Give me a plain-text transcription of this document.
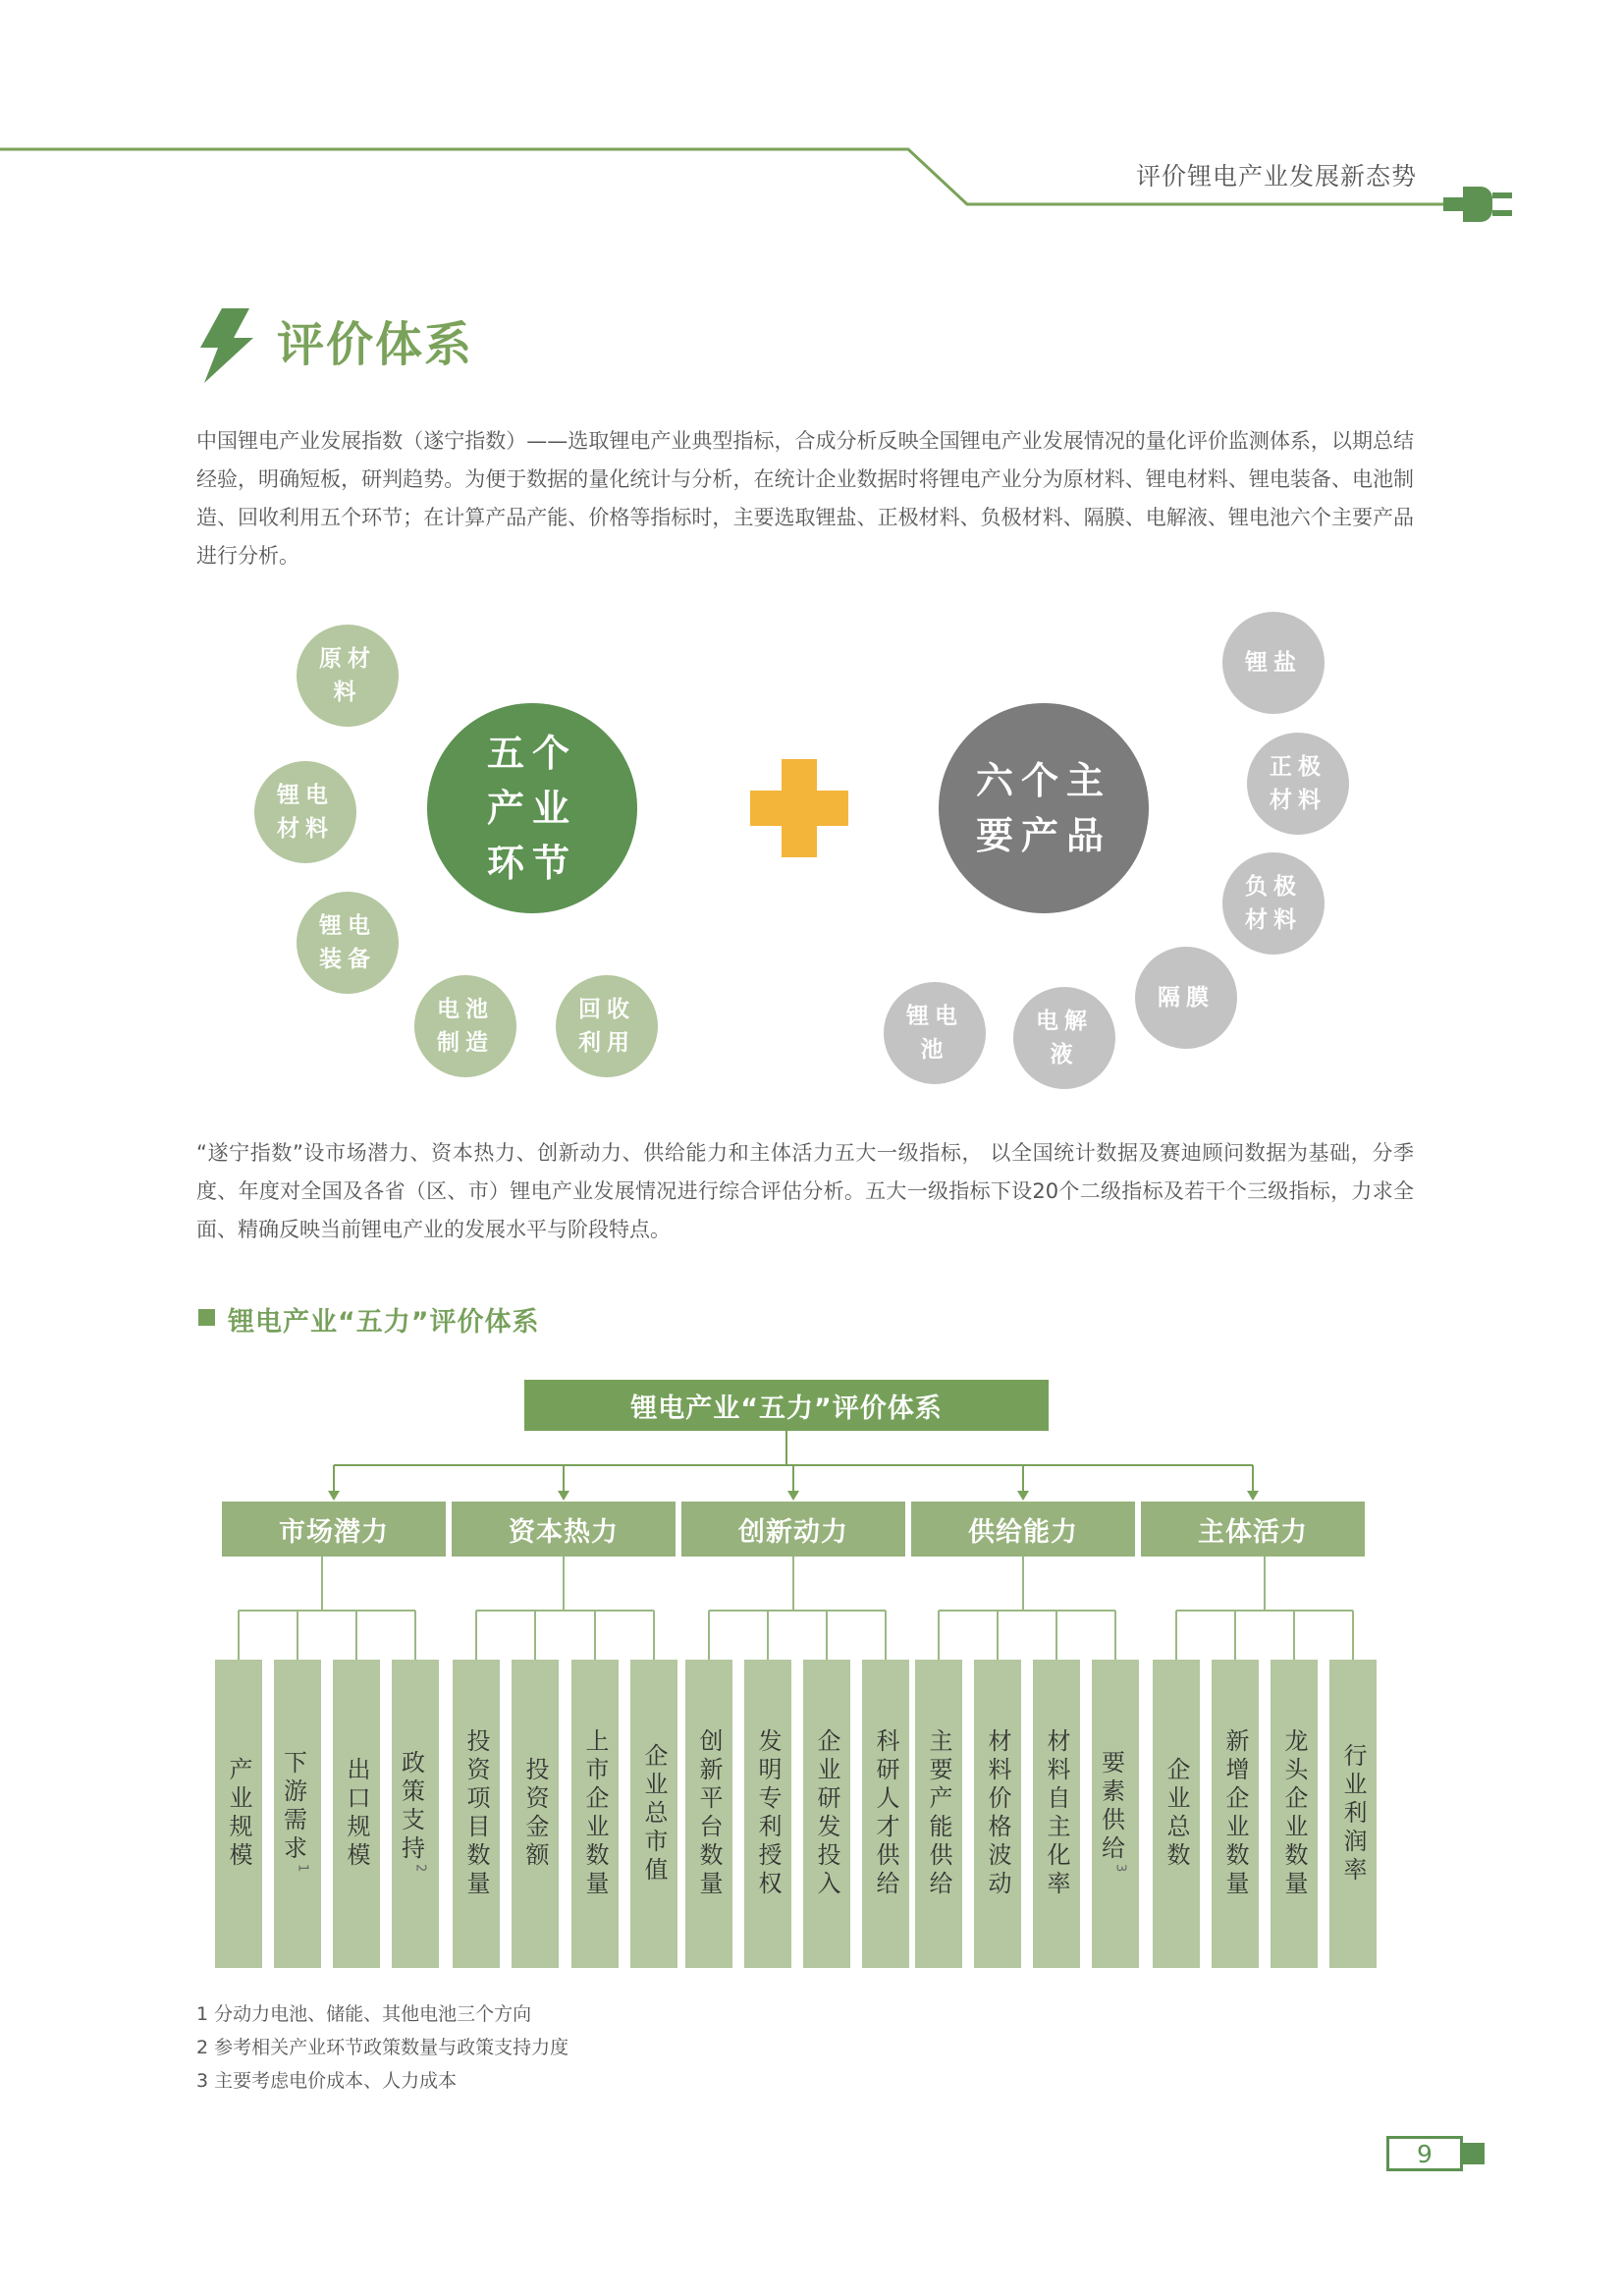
评价锂电产业发展新态势
评价体系
中国锂电产业发展指数（遂宁指数）——选取锂电产业典型指标，合成分析反映全国锂电产业发展情况的量化评价监测体系，以期总结经验，明确短板，研判趋势。为便于数据的量化统计与分析，在统计企业数据时将锂电产业分为原材料、锂电材料、锂电装备、电池制造、回收利用五个环节；在计算产品产能、价格等指标时，主要选取锂盐、正极材料、负极材料、隔膜、电解液、锂电池六个主要产品进行分析。
原材料
锂电材料
锂电装备
电池制造
回收利用
五个产业环节
六个主要产品
锂盐
正极材料
负极材料
隔膜
电解液
锂电池
“遂宁指数”设市场潜力、资本热力、创新动力、供给能力和主体活力五大一级指标， 以全国统计数据及赛迪顾问数据为基础，分季度、年度对全国及各省（区、市）锂电产业发展情况进行综合评估分析。五大一级指标下设20个二级指标及若干个三级指标，力求全面、精确反映当前锂电产业的发展水平与阶段特点。
锂电产业“五力”评价体系
锂电产业“五力”评价体系
市场潜力	资本热力	创新动力	供给能力	主体活力
产业规模 下游需求$^1$ 出口规模 政策支持$^2$ 投资项目数量 投资金额 上市企业数量 企业总市值 创新平台数量 发明专利授权 企业研发投入 科研人才供给 主要产能供给 材料价格波动 材料自主化率 要素供给$^3$ 企业总数 新增企业数量 龙头企业数量 行业利润率
1 分动力电池、储能、其他电池三个方向
2 参考相关产业环节政策数量与政策支持力度
3 主要考虑电价成本、人力成本
9
